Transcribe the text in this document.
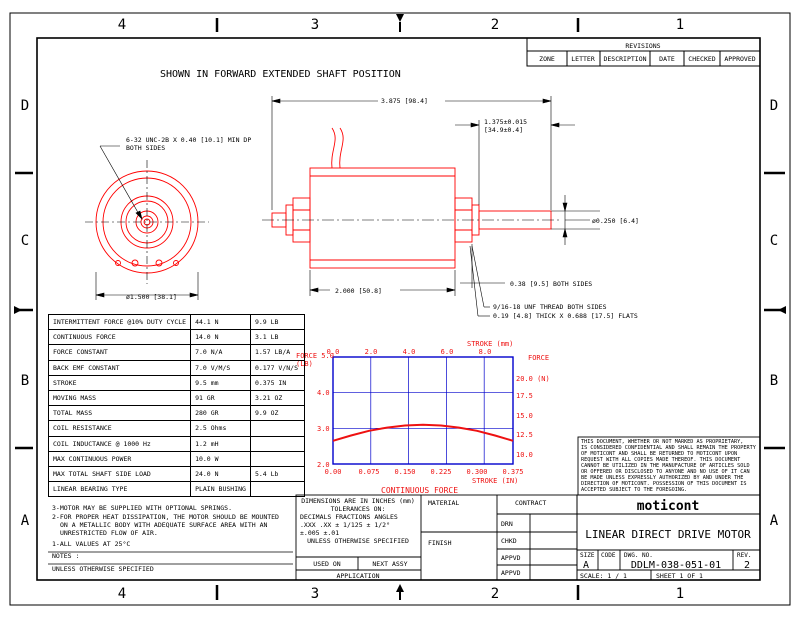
4	3	2	1
4	3	2	1
D
C
B
A
D
C
B
A
SHOWN IN FORWARD EXTENDED SHAFT POSITION
REVISIONS
ZONE	LETTER DESCRIPTION DATE CHECKED APPROVED
6-32 UNC-2B X 0.40 [10.1] MIN DP
BOTH SIDES
ø1.500 [38.1]
3.875 [98.4]
1.375±0.015
[34.9±0.4]
ø0.250 [6.4]
2.000 [50.8]
0.38 [9.5] BOTH SIDES
9/16-18 UNF THREAD BOTH SIDES
0.19 [4.8] THICK X 0.688 [17.5] FLATS
FORCE 5.0
(LB)
4.0
3.0
2.0
STROKE (mm)
0.0	2.0	4.0	6.0	8.0
FORCE
20.0 (N)
17.5
15.0
12.5
10.0
0.00 0.075 0.150 0.225 0.300 0.375
STROKE (IN)
CONTINUOUS FORCE
3-MOTOR MAY BE SUPPLIED WITH OPTIONAL SPRINGS.
2-FOR PROPER HEAT DISSIPATION, THE MOTOR SHOULD BE MOUNTED
ON A METALLIC BODY WITH ADEQUATE SURFACE AREA WITH AN
UNRESTRICTED FLOW OF AIR.
1-ALL VALUES AT 25°C
NOTES :
UNLESS OTHERWISE SPECIFIED
DIMENSIONS ARE IN INCHES (mm)
TOLERANCES ON:
DECIMALS FRACTIONS ANGLES
.XXX .XX ± 1/125 ± 1/2°
±.005 ±.01
UNLESS OTHERWISE SPECIFIED
USED ON	NEXT ASSY
APPLICATION
MATERIAL
FINISH
CONTRACT
DRN
CHKD
APPVD
APPVD
THIS DOCUMENT, WHETHER OR NOT MARKED AS PROPRIETARY,
IS CONSIDERED CONFIDENTIAL AND SHALL REMAIN THE PROPERTY
OF MOTICONT AND SHALL BE RETURNED TO MOTICONT UPON
REQUEST WITH ALL COPIES MADE THEREOF. THIS DOCUMENT
CANNOT BE UTILIZED IN THE MANUFACTURE OF ARTICLES SOLD
OR OFFERED OR DISCLOSED TO ANYONE AND NO USE OF IT CAN
BE MADE UNLESS EXPRESSLY AUTHORIZED BY AND UNDER THE
DIRECTION OF MOTICONT. POSSESSION OF THIS DOCUMENT IS
ACCEPTED SUBJECT TO THE FOREGOING.
moticont
LINEAR DIRECT DRIVE MOTOR
SIZE
A
CODE DWG. NO.
DDLM-038-051-01
REV.
2
SCALE: 1 / 1	SHEET 1 OF 1
INTERMITTENT FORCE @10% DUTY CYCLE	44.1 N	9.9 LB
CONTINUOUS FORCE	14.0 N	3.1 LB
FORCE CONSTANT	7.0 N/A	1.57 LB/A
BACK EMF CONSTANT	7.0 V/M/S	0.177 V/N/S
STROKE	9.5 mm	0.375 IN
MOVING MASS	91 GR	3.21 OZ
TOTAL MASS	280 GR	9.9 OZ
COIL RESISTANCE	2.5 Ohms	
COIL INDUCTANCE @ 1000 Hz	1.2 mH	
MAX CONTINUOUS POWER	10.0 W	
MAX TOTAL SHAFT SIDE LOAD	24.0 N	5.4 Lb
LINEAR BEARING TYPE	PLAIN BUSHING	
